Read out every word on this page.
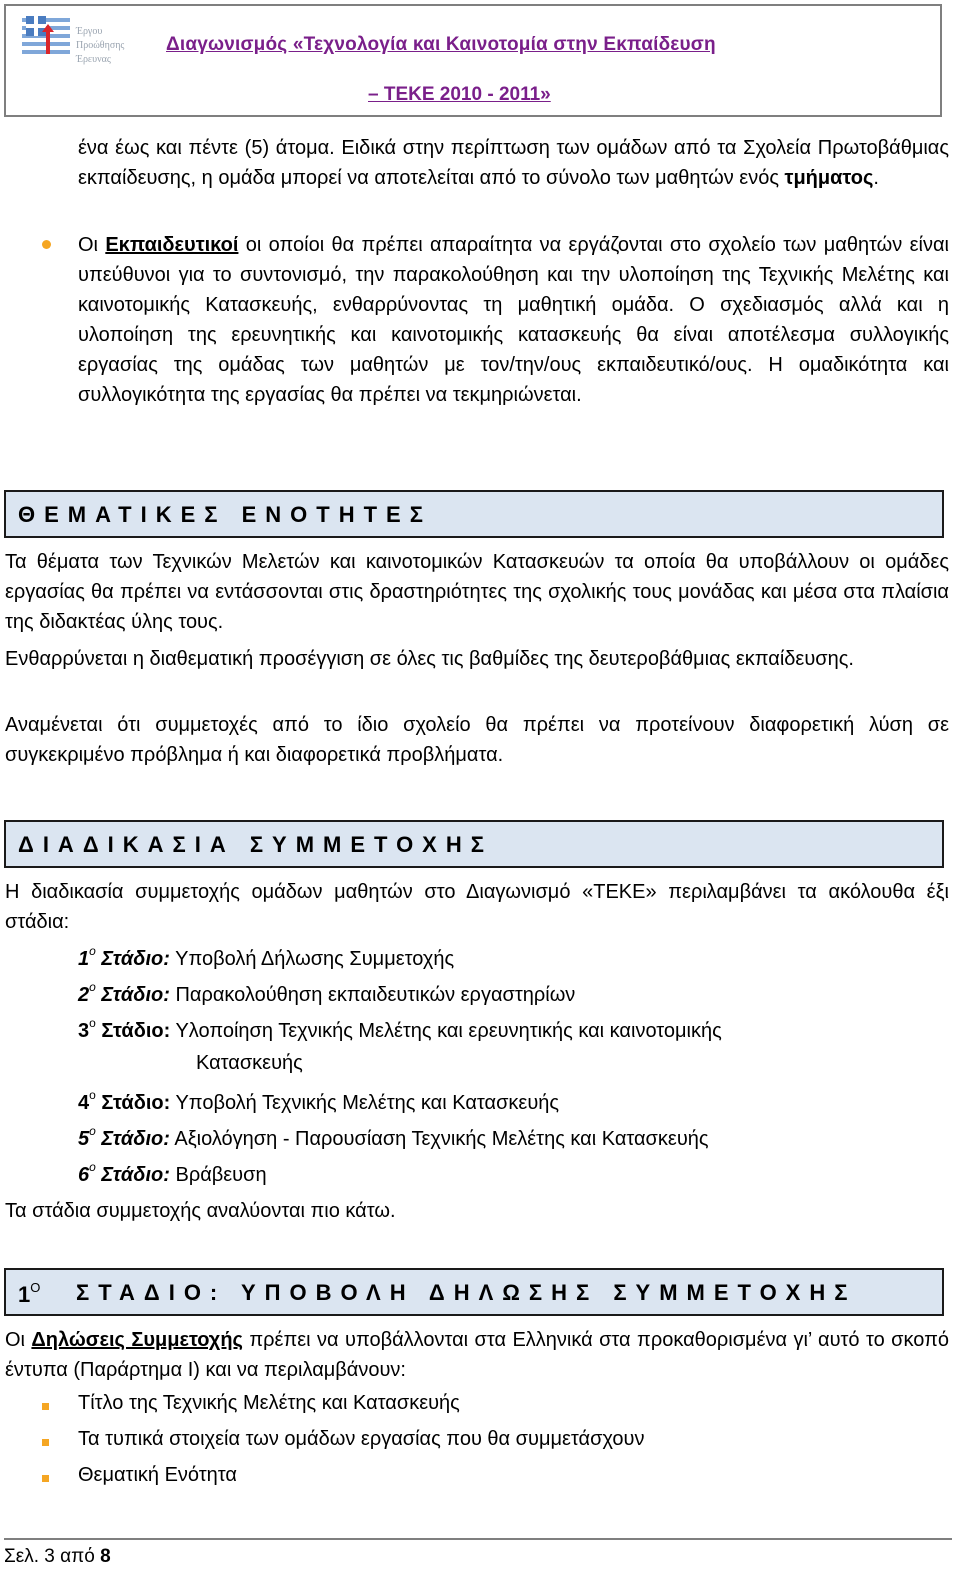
Έργου
Προώθησης
Έρευνας
Διαγωνισμός «Τεχνολογία και Καινοτομία στην Εκπαίδευση
– ΤΕΚΕ 2010 - 2011»

ένα έως και πέντε (5) άτομα. Ειδικά στην περίπτωση των ομάδων από τα Σχολεία Πρωτοβάθμιας εκπαίδευσης, η ομάδα μπορεί να αποτελείται από το σύνολο των μαθητών ενός τμήματος.

Οι Εκπαιδευτικοί οι οποίοι θα πρέπει απαραίτητα να εργάζονται στο σχολείο των μαθητών είναι υπεύθυνοι για το συντονισμό, την παρακολούθηση και την υλοποίηση της Τεχνικής Μελέτης και καινοτομικής Κατασκευής, ενθαρρύνοντας τη μαθητική ομάδα. Ο σχεδιασμός αλλά και η υλοποίηση της ερευνητικής και καινοτομικής κατασκευής θα είναι αποτέλεσμα συλλογικής εργασίας της ομάδας των μαθητών με τον/την/ους εκπαιδευτικό/ους. Η ομαδικότητα και συλλογικότητα της εργασίας θα πρέπει να τεκμηριώνεται.

ΘΕΜΑΤΙΚΕΣ ΕΝΟΤΗΤΕΣ

Τα θέματα των Τεχνικών Μελετών και καινοτομικών Κατασκευών τα οποία θα υποβάλλουν οι ομάδες εργασίας θα πρέπει να εντάσσονται στις δραστηριότητες της σχολικής τους μονάδας και μέσα στα πλαίσια της διδακτέας ύλης τους.

Ενθαρρύνεται η διαθεματική προσέγγιση σε όλες τις βαθμίδες της δευτεροβάθμιας εκπαίδευσης.

Αναμένεται ότι συμμετοχές από το ίδιο σχολείο θα πρέπει να προτείνουν διαφορετική λύση σε συγκεκριμένο πρόβλημα ή και διαφορετικά προβλήματα.

ΔΙΑΔΙΚΑΣΙΑ ΣΥΜΜΕΤΟΧΗΣ

Η διαδικασία συμμετοχής ομάδων μαθητών στο Διαγωνισμό «ΤΕΚΕ» περιλαμβάνει τα ακόλουθα έξι στάδια:

$1^o$ Στάδιο: Υποβολή Δήλωσης Συμμετοχής
$2^o$ Στάδιο: Παρακολούθηση εκπαιδευτικών εργαστηρίων
$3^o$ Στάδιο: Υλοποίηση Τεχνικής Μελέτης και ερευνητικής και καινοτομικής
Κατασκευής
$4^o$ Στάδιο: Υποβολή Τεχνικής Μελέτης και Κατασκευής
$5^o$ Στάδιο: Αξιολόγηση - Παρουσίαση Τεχνικής Μελέτης και Κατασκευής
$6^o$ Στάδιο: Βράβευση

Τα στάδια συμμετοχής αναλύονται πιο κάτω.

$1^O$ ΣΤΑΔΙΟ: ΥΠΟΒΟΛΗ ΔΗΛΩΣΗΣ ΣΥΜΜΕΤΟΧΗΣ

Οι Δηλώσεις Συμμετοχής πρέπει να υποβάλλονται στα Ελληνικά στα προκαθορισμένα γι’ αυτό το σκοπό έντυπα (Παράρτημα Ι) και να περιλαμβάνουν:

Τίτλο της Τεχνικής Μελέτης και Κατασκευής
Τα τυπικά στοιχεία των ομάδων εργασίας που θα συμμετάσχουν
Θεματική Ενότητα
Σελ. 3 από 8
